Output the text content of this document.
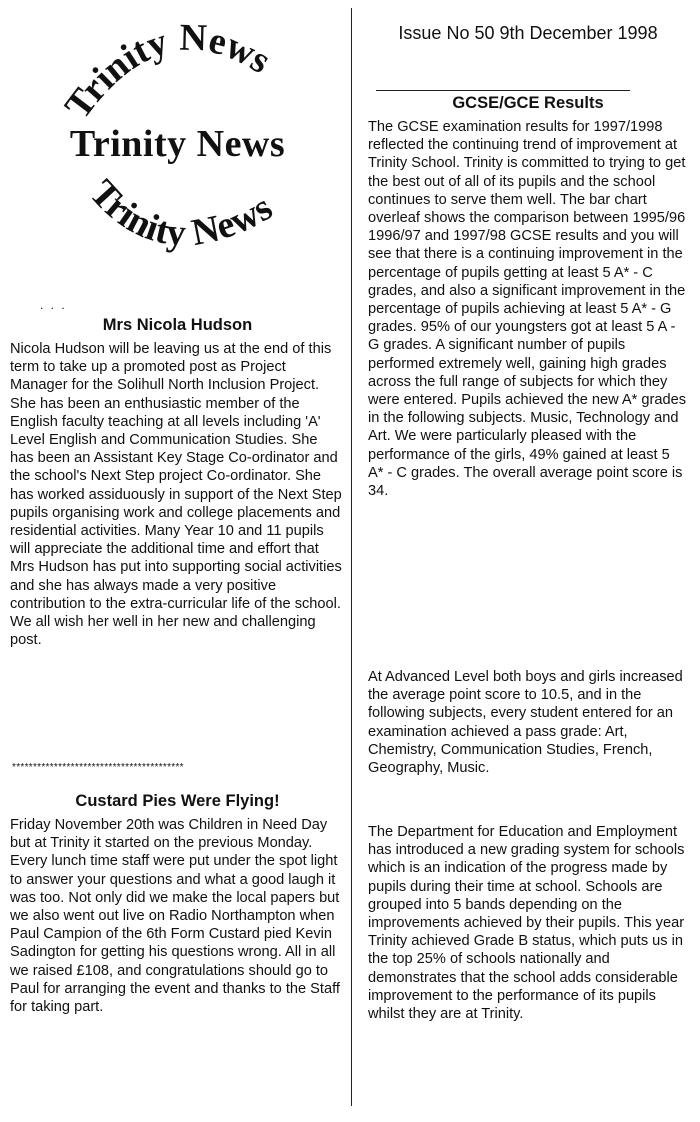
Trinity News
Trinity News
Trinity News
. . .
Mrs Nicola Hudson

Nicola Hudson will be leaving us at the end of this term to take up a promoted post as Project Manager for the Solihull North Inclusion Project. She has been an enthusiastic member of the English faculty teaching at all levels including 'A' Level English and Communication Studies. She has been an Assistant Key Stage Co-ordinator and the school's Next Step project Co-ordinator. She has worked assiduously in support of the Next Step pupils organising work and college placements and residential activities. Many Year 10 and 11 pupils will appreciate the additional time and effort that Mrs Hudson has put into supporting social activities and she has always made a very positive contribution to the extra-curricular life of the school. We all wish her well in her new and challenging post.

*****************************************
Custard Pies Were Flying!

Friday November 20th was Children in Need Day but at Trinity it started on the previous Monday. Every lunch time staff were put under the spot light to answer your questions and what a good laugh it was too. Not only did we make the local papers but we also went out live on Radio Northampton when Paul Campion of the 6th Form Custard pied Kevin Sadington for getting his questions wrong. All in all we raised £108, and congratulations should go to Paul for arranging the event and thanks to the Staff for taking part.

Issue No 50 9th December 1998
GCSE/GCE Results

The GCSE examination results for 1997/1998 reflected the continuing trend of improvement at Trinity School. Trinity is committed to trying to get the best out of all of its pupils and the school continues to serve them well. The bar chart overleaf shows the comparison between 1995/96 1996/97 and 1997/98 GCSE results and you will see that there is a continuing improvement in the percentage of pupils getting at least 5 A* - C grades, and also a significant improvement in the percentage of pupils achieving at least 5 A* - G grades. 95% of our youngsters got at least 5 A - G grades. A significant number of pupils performed extremely well, gaining high grades across the full range of subjects for which they were entered. Pupils achieved the new A* grades in the following subjects. Music, Technology and Art. We were particularly pleased with the performance of the girls, 49% gained at least 5 A* - C grades. The overall average point score is 34.

At Advanced Level both boys and girls increased the average point score to 10.5, and in the following subjects, every student entered for an examination achieved a pass grade: Art, Chemistry, Communication Studies, French, Geography, Music.

The Department for Education and Employment has introduced a new grading system for schools which is an indication of the progress made by pupils during their time at school. Schools are grouped into 5 bands depending on the improvements achieved by their pupils. This year Trinity achieved Grade B status, which puts us in the top 25% of schools nationally and demonstrates that the school adds considerable improvement to the performance of its pupils whilst they are at Trinity.
